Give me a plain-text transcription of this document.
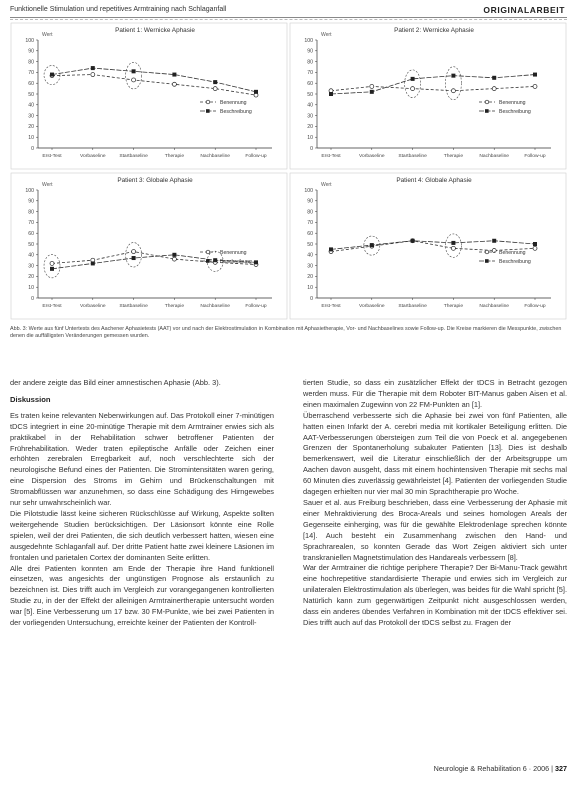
Funktionelle Stimulation und repetitives Armtraining nach Schlaganfall	ORIGINALARBEIT
Patient 1: Wernicke Aphasie
Wert
100
90
80
70
60
50
40
30
20
10
0
Erst-Test	Vorbaseline	Startbaseline	Therapie	Nachbaseline	Follow-up
Benennung
Beschreibung
Patient 2: Wernicke Aphasie
Wert
100
90
80
70
60
50
40
30
20
10
0
Erst-Test	Vorbaseline	Startbaseline	Therapie	Nachbaseline	Follow-up
Benennung
Beschreibung
Patient 3: Globale Aphasie
Wert
100
90
80
70
60
50
40
30
20
10
0
Erst-Test	Vorbaseline	Startbaseline	Therapie	Nachbaseline	Follow-up
Benennung
Beschreibung
Patient 4: Globale Aphasie
Wert
100
90
80
70
60
50
40
30
20
10
0
Erst-Test	Vorbaseline	Startbaseline	Therapie	Nachbaseline	Follow-up
Benennung
Beschreibung
Abb. 3: Werte aus fünf Untertests des Aachener Aphasietests (AAT) vor und nach der Elektrostimulation in Kombination mit Aphasietherapie, Vor- und Nachbaselines sowie Follow-up. Die Kreise markieren die Messpunkte, zwischen denen die auffälligsten Veränderungen gemessen wurden.

der andere zeigte das Bild einer amnestischen Aphasie (Abb. 3).

Diskussion

Es traten keine relevanten Nebenwirkungen auf. Das Protokoll einer 7-minütigen tDCS integriert in eine 20-minütige Therapie mit dem Armtrainer erwies sich als praktikabel in der Rehabilitation schwer betroffener Patienten der Frührehabilitation. Weder traten epileptische Anfälle oder Zeichen einer erhöhten zerebralen Erregbarkeit auf, noch verschlechterte sich der neurologische Befund eines der Patienten. Die Stromintensitäten waren gering, eine Dispersion des Stroms im Gehirn und Brückenschaltungen mit Stromabflüssen war anzunehmen, so dass eine Schädigung des Hirngewebes nur sehr unwahrscheinlich war.

Die Pilotstudie lässt keine sicheren Rückschlüsse auf Wirkung, Aspekte sollten weitergehende Studien berücksichtigen. Der Läsionsort könnte eine Rolle spielen, weil der drei Patienten, die sich deutlich verbessert hatten, wiesen eine ausgedehnte Schlaganfall auf. Der dritte Patient hatte zwei kleinere Läsionen im frontalen und parietalen Cortex der dominanten Seite erlitten.

Alle drei Patienten konnten am Ende der Therapie ihre Hand funktionell einsetzen, was angesichts der ungünstigen Prognose als erstaunlich zu bezeichnen ist. Dies trifft auch im Vergleich zur vorangegangenen kontrollierten Studie zu, in der der Effekt der alleinigen Armtrainertherapie untersucht worden war [5]. Eine Verbesserung um 17 bzw. 30 FM-Punkte, wie bei zwei Patienten in der vorliegenden Untersuchung, erreichte keiner der Patienten der Kontroll-

tierten Studie, so dass ein zusätzlicher Effekt der tDCS in Betracht gezogen werden muss. Für die Therapie mit dem Roboter BIT-Manus gaben Aisen et al. einen maximalen Zugewinn von 22 FM-Punkten an [1].

Überraschend verbesserte sich die Aphasie bei zwei von fünf Patienten, alle hatten einen Infarkt der A. cerebri media mit kortikaler Beteiligung erlitten. Die AAT-Verbesserungen übersteigen zum Teil die von Poeck et al. angegebenen Grenzen der Spontanerholung subakuter Patienten [13]. Dies ist deshalb bemerkenswert, weil die Literatur einschließlich der der Arbeitsgruppe um Aachen davon ausgeht, dass mit einem hochintensiven Therapie mit sechs mal 60 Minuten dies zuverlässig gewährleistet [4]. Patienten der vorliegenden Studie dagegen erhielten nur vier mal 30 min Sprachtherapie pro Woche.

Sauer et al. aus Freiburg beschrieben, dass eine Verbesserung der Aphasie mit einer Mehraktivierung des Broca-Areals und seines homologen Areals der Gegenseite einherging, was für die gewählte Elektrodenlage sprechen könnte [14]. Auch besteht ein Zusammenhang zwischen den Hand- und Sprachrarealen, so konnten Gerade das Wort Zeigen aktiviert sich unter transkraniellen Magnetstimulation des Handareals verbessern [8].

War der Armtrainer die richtige periphere Therapie? Der Bi-Manu-Track gewährt eine hochrepetitive standardisierte Therapie und erwies sich im Vergleich zur unilateralen Elektrostimulation als überlegen, was beides für die Wahl spricht [5]. Natürlich kann zum gegenwärtigen Zeitpunkt nicht ausgeschlossen werden, dass ein anderes übendes Verfahren in Kombination mit der tDCS effektiver sei. Dies trifft auch auf das Protokoll der tDCS selbst zu. Fragen der

Neurologie & Rehabilitation 6 · 2006 | 327
